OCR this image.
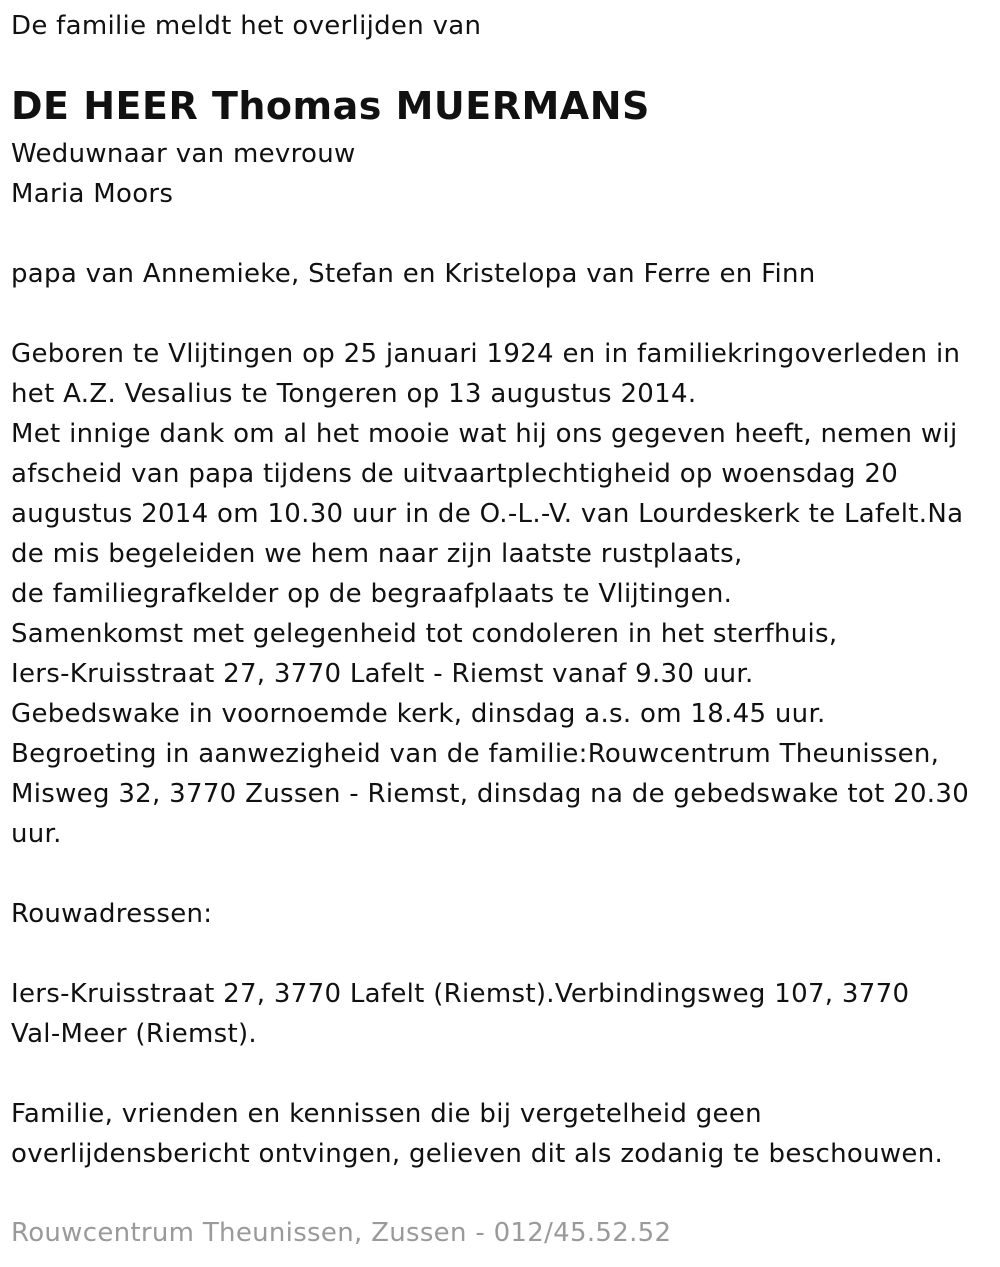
De familie meldt het overlijden van
DE HEER Thomas MUERMANS
Weduwnaar van mevrouw
Maria Moors
papa van Annemieke, Stefan en Kristelopa van Ferre en Finn
Geboren te Vlijtingen op 25 januari 1924 en in familiekringoverleden in
het A.Z. Vesalius te Tongeren op 13 augustus 2014.
Met innige dank om al het mooie wat hij ons gegeven heeft, nemen wij
afscheid van papa tijdens de uitvaartplechtigheid op woensdag 20
augustus 2014 om 10.30 uur in de O.-L.-V. van Lourdeskerk te Lafelt.Na
de mis begeleiden we hem naar zijn laatste rustplaats,
de familiegrafkelder op de begraafplaats te Vlijtingen.
Samenkomst met gelegenheid tot condoleren in het sterfhuis,
Iers-Kruisstraat 27, 3770 Lafelt - Riemst vanaf 9.30 uur.
Gebedswake in voornoemde kerk, dinsdag a.s. om 18.45 uur.
Begroeting in aanwezigheid van de familie:Rouwcentrum Theunissen,
Misweg 32, 3770 Zussen - Riemst, dinsdag na de gebedswake tot 20.30
uur.
Rouwadressen:
Iers-Kruisstraat 27, 3770 Lafelt (Riemst).Verbindingsweg 107, 3770
Val-Meer (Riemst).
Familie, vrienden en kennissen die bij vergetelheid geen
overlijdensbericht ontvingen, gelieven dit als zodanig te beschouwen.
Rouwcentrum Theunissen, Zussen - 012/45.52.52
